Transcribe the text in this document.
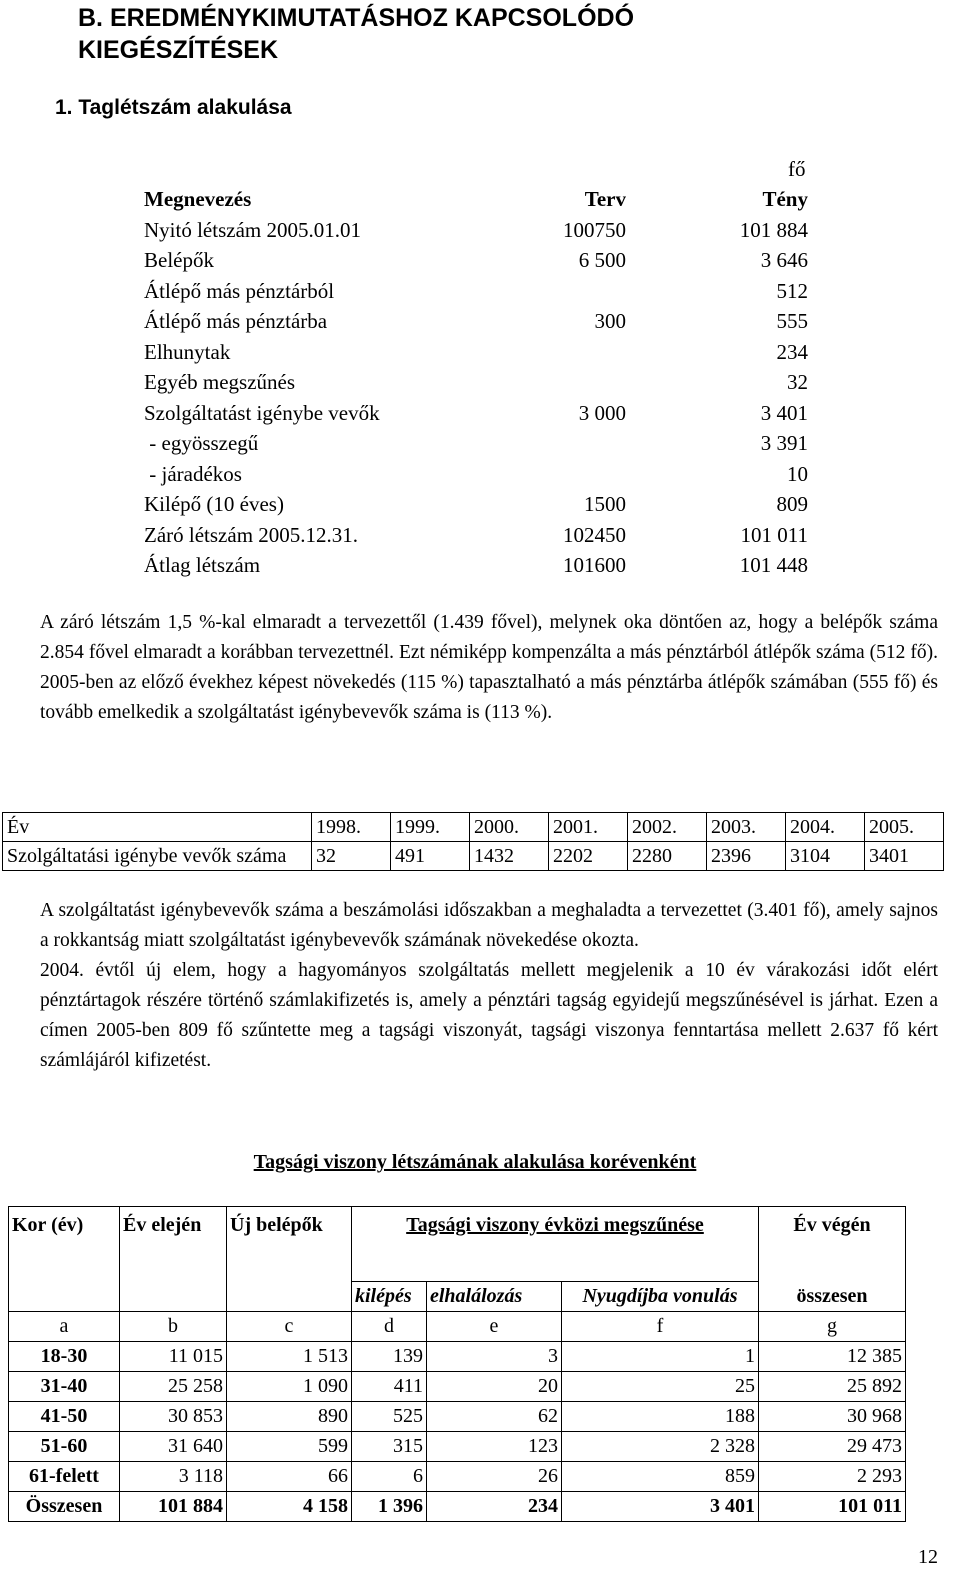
B. EREDMÉNYKIMUTATÁSHOZ KAPCSOLÓDÓ KIEGÉSZÍTÉSEK
1. Taglétszám alakulása
fő
Megnevezés	Terv	Tény
Nyitó létszám 2005.01.01	100750	101 884
Belépők	6 500	3 646
Átlépő más pénztárból		512
Átlépő más pénztárba	300	555
Elhunytak		234
Egyéb megszűnés		32
Szolgáltatást igénybe vevők	3 000	3 401
- egyösszegű		3 391
- járadékos		10
Kilépő (10 éves)	1500	809
Záró létszám 2005.12.31.	102450	101 011
Átlag létszám	101600	101 448
A záró létszám 1,5 %-kal elmaradt a tervezettől (1.439 fővel), melynek oka döntően az, hogy a belépők száma 2.854 fővel elmaradt a korábban tervezettnél. Ezt némiképp kompenzálta a más pénztárból átlépők száma (512 fő). 2005-ben az előző évekhez képest növekedés (115 %) tapasztalható a más pénztárba átlépők számában (555 fő) és tovább emelkedik a szolgáltatást igénybevevők száma is (113 %).
Év	1998.	1999.	2000.	2001.	2002.	2003.	2004.	2005.
Szolgáltatási igénybe vevők száma	32	491	1432	2202	2280	2396	3104	3401
A szolgáltatást igénybevevők száma a beszámolási időszakban a meghaladta a tervezettet (3.401 fő), amely sajnos a rokkantság miatt szolgáltatást igénybevevők számának növekedése okozta.
2004. évtől új elem, hogy a hagyományos szolgáltatás mellett megjelenik a 10 év várakozási időt elért pénztártagok részére történő számlakifizetés is, amely a pénztári tagság egyidejű megszűnésével is járhat. Ezen a címen 2005-ben 809 fő szűntette meg a tagsági viszonyát, tagsági viszonya fenntartása mellett 2.637 fő kért számlájáról kifizetést.
Tagsági viszony létszámának alakulása korévenként
Kor (év)	Év elején	Új belépők	Tagsági viszony évközi megszűnése			Év végén
			kilépés	elhalálozás	Nyugdíjba vonulás	összesen
a	b	c	d	e	f	g
18-30	11 015	1 513	139	3	1	12 385
31-40	25 258	1 090	411	20	25	25 892
41-50	30 853	890	525	62	188	30 968
51-60	31 640	599	315	123	2 328	29 473
61-felett	3 118	66	6	26	859	2 293
Összesen	101 884	4 158	1 396	234	3 401	101 011
12
